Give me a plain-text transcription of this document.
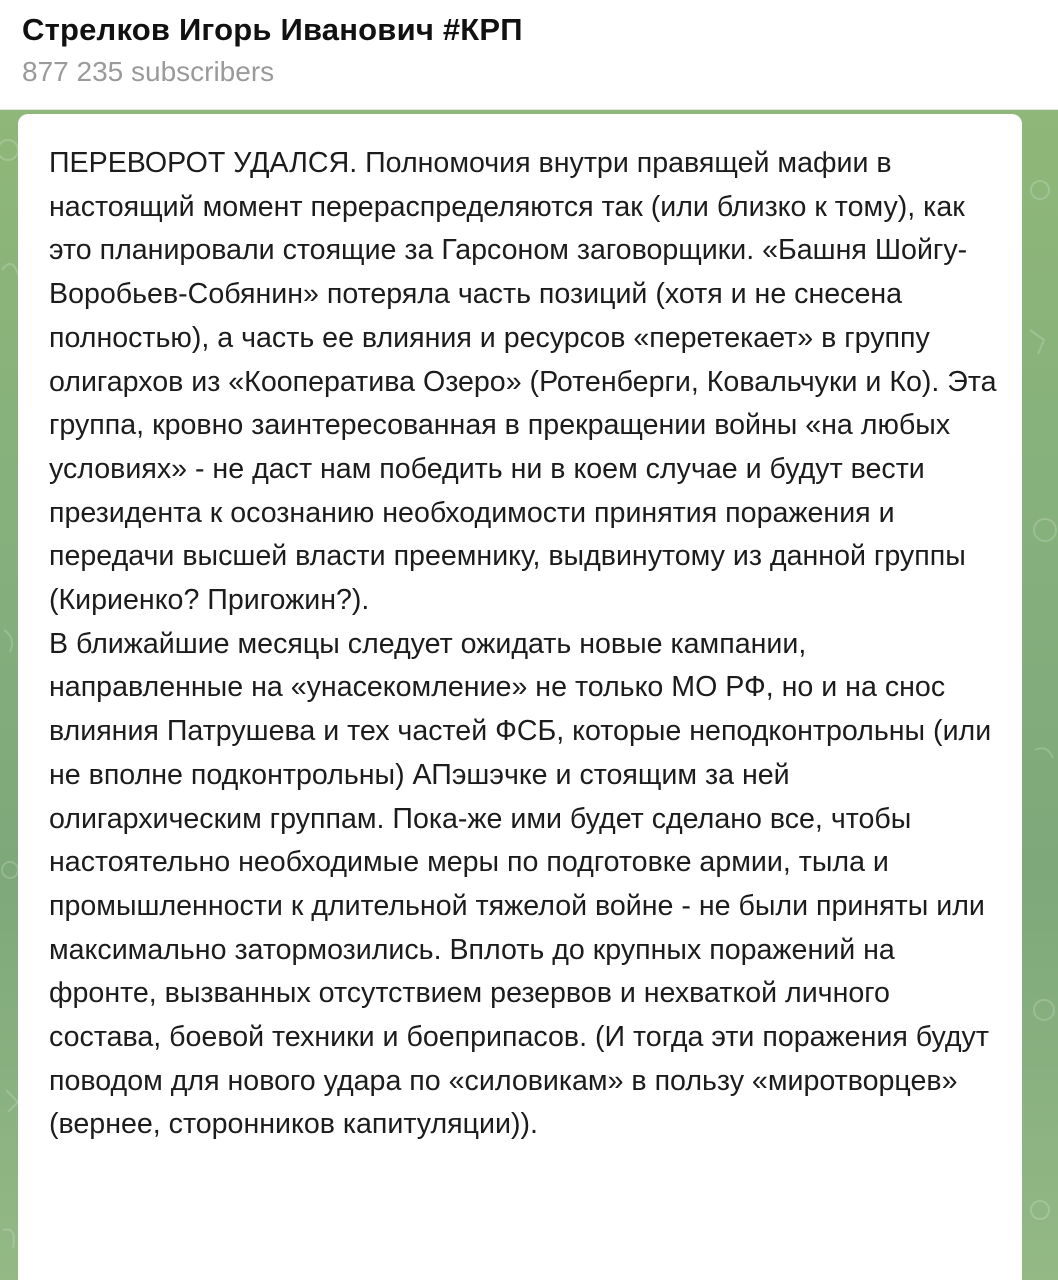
Стрелков Игорь Иванович #КРП
877 235 subscribers

ПЕРЕВОРОТ УДАЛСЯ. Полномочия внутри правящей мафии в настоящий момент перераспределяются так (или близко к тому), как это планировали стоящие за Гарсоном заговорщики. «Башня Шойгу-Воробьев-Собянин» потеряла часть позиций (хотя и не снесена полностью), а часть ее влияния и ресурсов «перетекает» в группу олигархов из «Кооператива Озеро» (Ротенберги, Ковальчуки и Ко). Эта группа, кровно заинтересованная в прекращении войны «на любых условиях» - не даст нам победить ни в коем случае и будут вести президента к осознанию необходимости принятия поражения и передачи высшей власти преемнику, выдвинутому из данной группы (Кириенко? Пригожин?).
В ближайшие месяцы следует ожидать новые кампании, направленные на «унасекомление» не только МО РФ, но и на снос влияния Патрушева и тех частей ФСБ, которые неподконтрольны (или не вполне подконтрольны) АПэшэчке и стоящим за ней олигархическим группам. Пока-же ими будет сделано все, чтобы настоятельно необходимые меры по подготовке армии, тыла и промышленности к длительной тяжелой войне - не были приняты или максимально затормозились. Вплоть до крупных поражений на фронте, вызванных отсутствием резервов и нехваткой личного состава, боевой техники и боеприпасов. (И тогда эти поражения будут поводом для нового удара по «силовикам» в пользу «миротворцев» (вернее, сторонников капитуляции)).
